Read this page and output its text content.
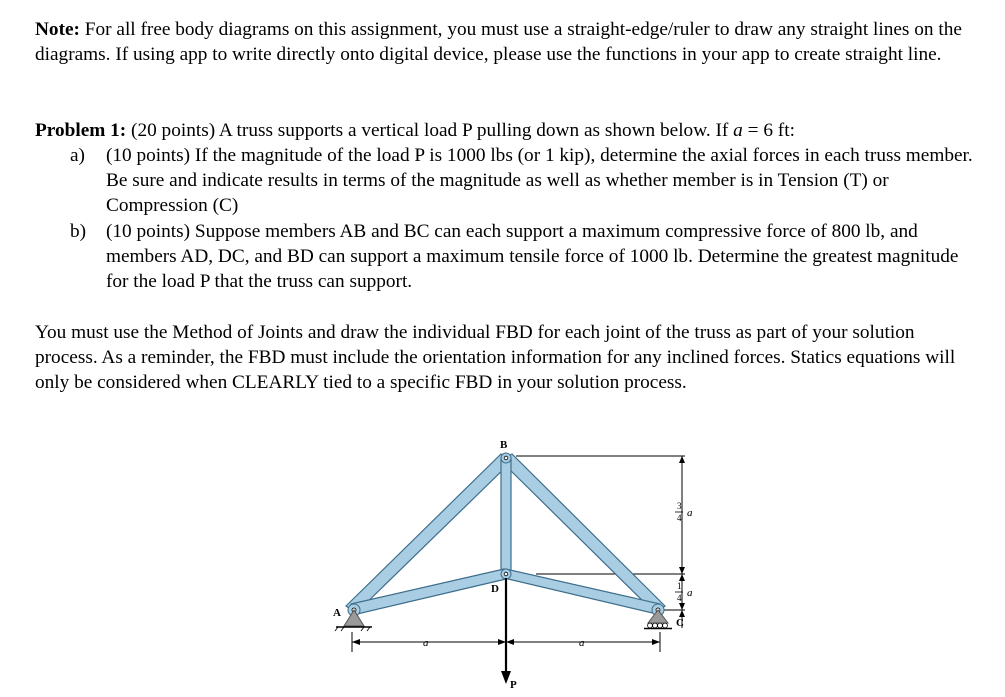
Note: For all free body diagrams on this assignment, you must use a straight-edge/ruler to draw any straight lines on the diagrams. If using app to write directly onto digital device, please use the functions in your app to create straight line.

Problem 1: (20 points) A truss supports a vertical load P pulling down as shown below. If a = 6 ft:

a) (10 points) If the magnitude of the load P is 1000 lbs (or 1 kip), determine the axial forces in each truss member. Be sure and indicate results in terms of the magnitude as well as whether member is in Tension (T) or Compression (C)
b) (10 points) Suppose members AB and BC can each support a maximum compressive force of 800 lb, and members AD, DC, and BD can support a maximum tensile force of 1000 lb. Determine the greatest magnitude for the load P that the truss can support.

You must use the Method of Joints and draw the individual FBD for each joint of the truss as part of your solution process. As a reminder, the FBD must include the orientation information for any inclined forces. Statics equations will only be considered when CLEARLY tied to a specific FBD in your solution process.

B
D
A
C
P
a	a
3
4 a
1
4 a
